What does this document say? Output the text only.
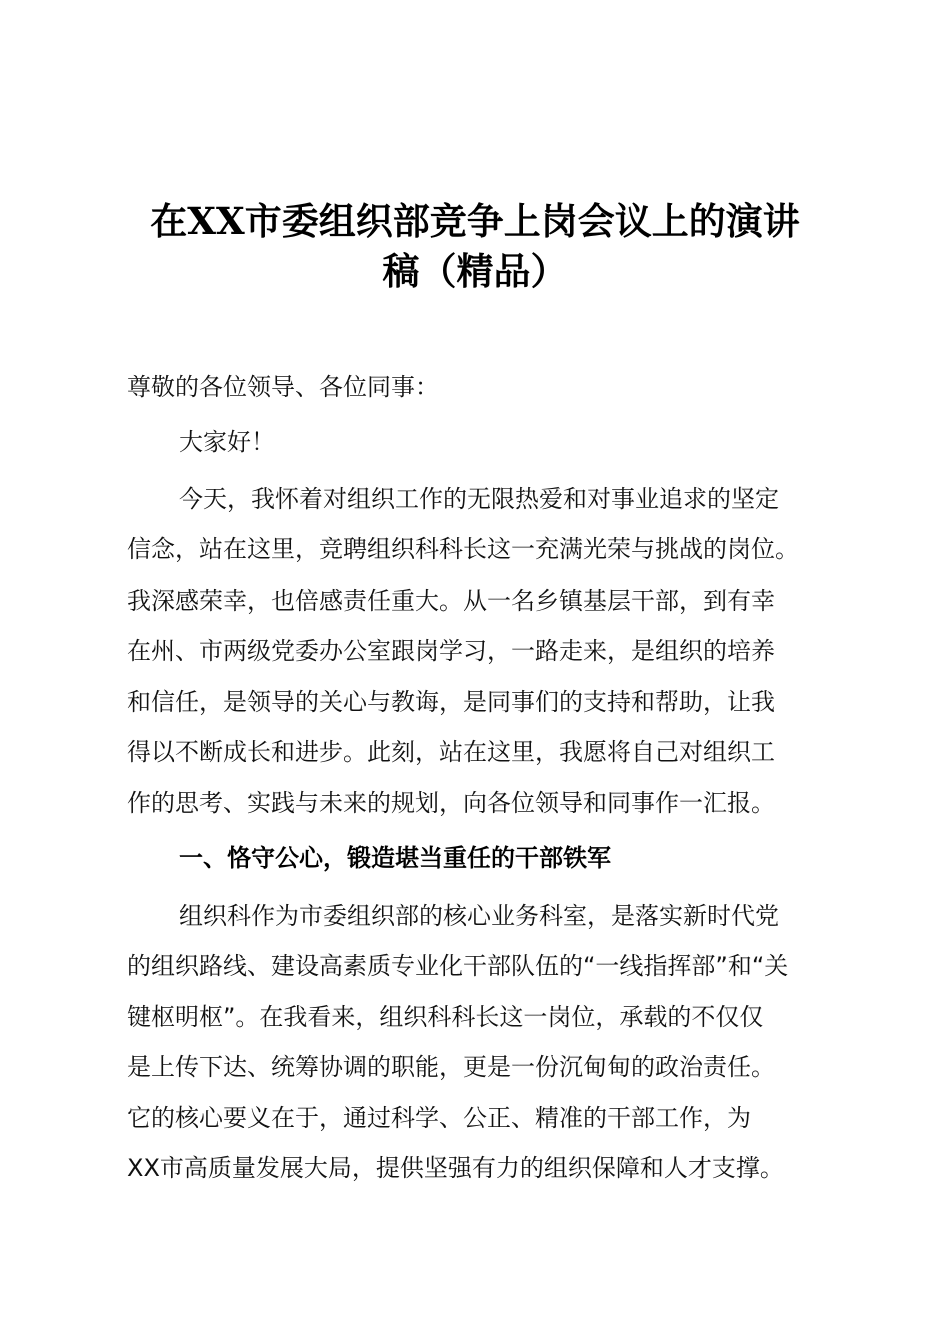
在XX市委组织部竞争上岗会议上的演讲
稿（精品）
尊敬的各位领导、各位同事：
大家好！
今天，我怀着对组织工作的无限热爱和对事业追求的坚定
信念，站在这里，竞聘组织科科长这一充满光荣与挑战的岗位。
我深感荣幸，也倍感责任重大。从一名乡镇基层干部，到有幸
在州、市两级党委办公室跟岗学习，一路走来，是组织的培养
和信任，是领导的关心与教诲，是同事们的支持和帮助，让我
得以不断成长和进步。此刻，站在这里，我愿将自己对组织工
作的思考、实践与未来的规划，向各位领导和同事作一汇报。
一、恪守公心，锻造堪当重任的干部铁军
组织科作为市委组织部的核心业务科室，是落实新时代党
的组织路线、建设高素质专业化干部队伍的“一线指挥部”和“关
键枢明枢”。在我看来，组织科科长这一岗位，承载的不仅仅
是上传下达、统筹协调的职能，更是一份沉甸甸的政治责任。
它的核心要义在于，通过科学、公正、精准的干部工作，为
XX市高质量发展大局，提供坚强有力的组织保障和人才支撑。
